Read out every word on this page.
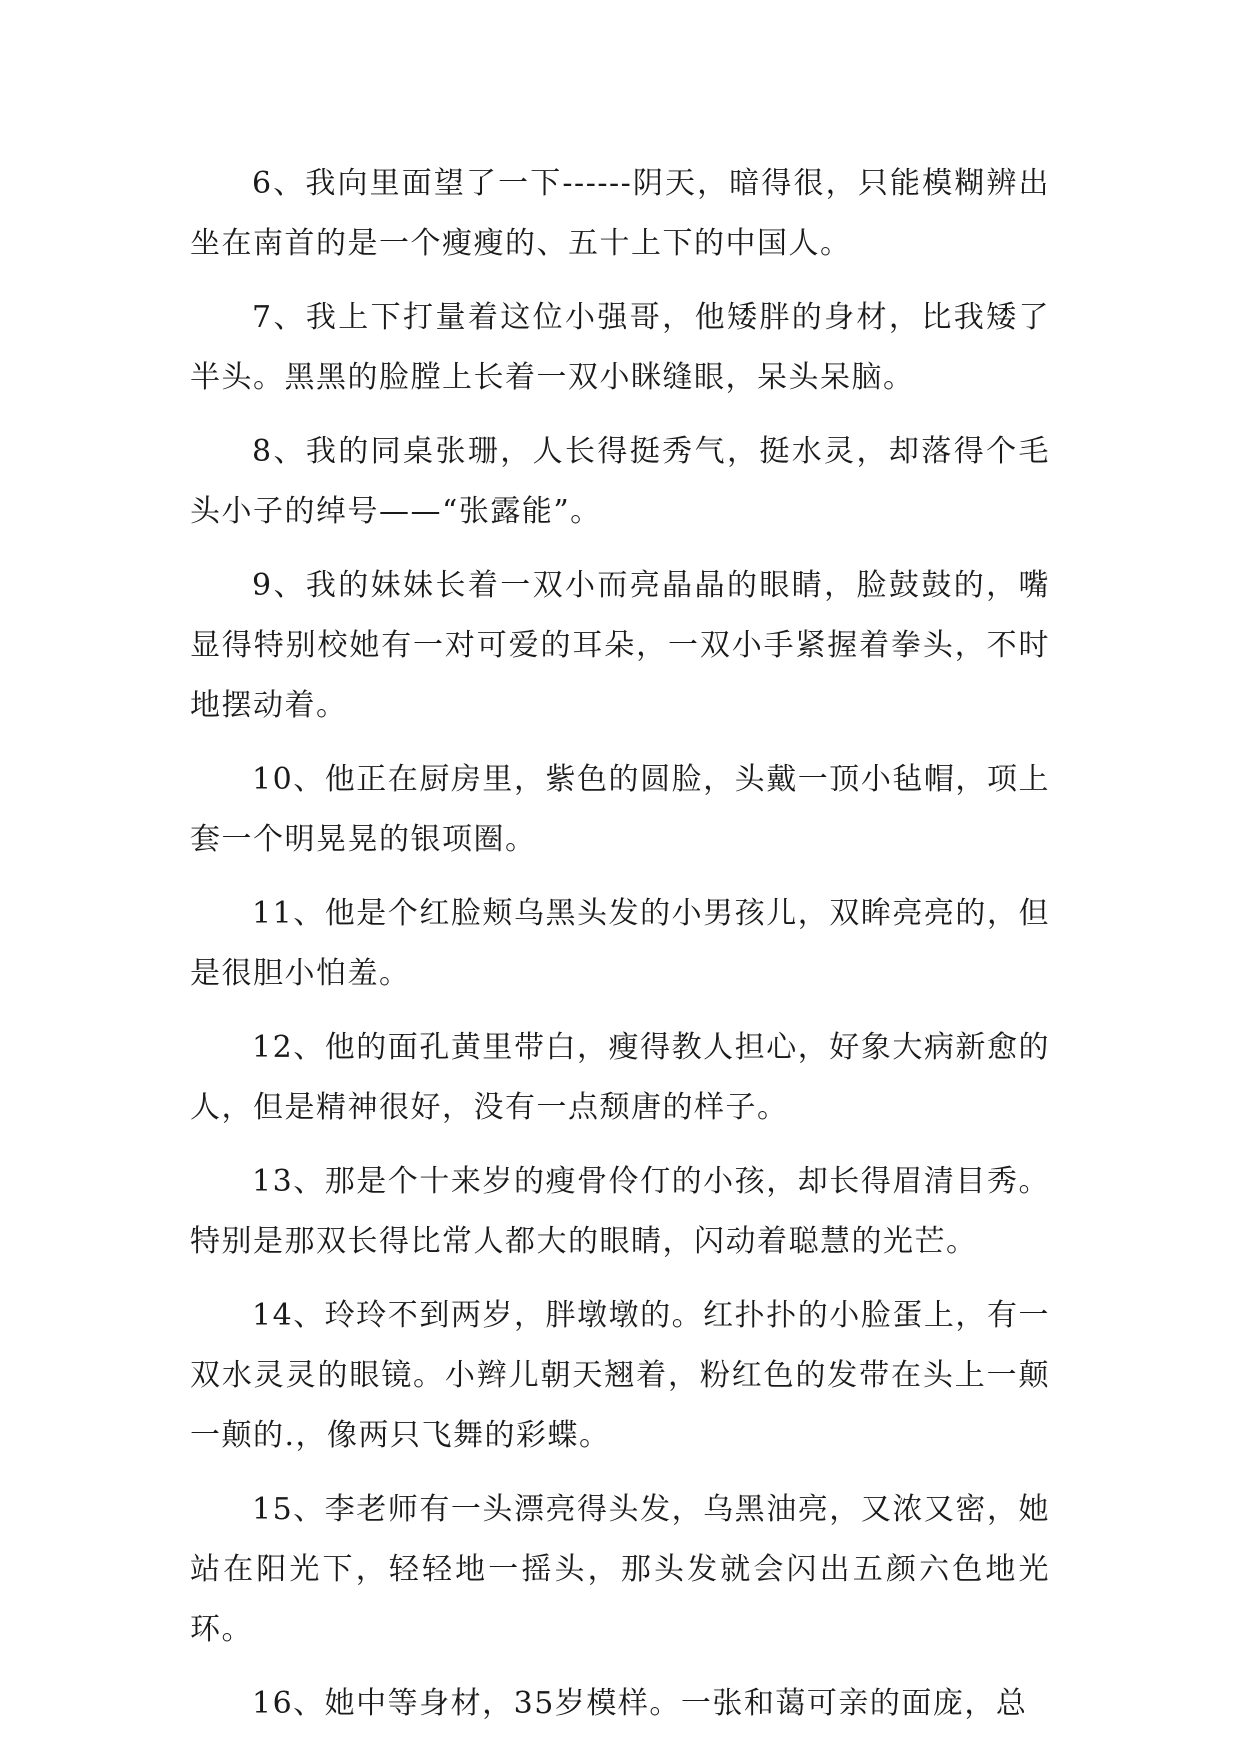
6、我向里面望了一下------阴天，暗得很，只能模糊辨出坐在南首的是一个瘦瘦的、五十上下的中国人。

7、我上下打量着这位小强哥，他矮胖的身材，比我矮了半头。黑黑的脸膛上长着一双小眯缝眼，呆头呆脑。

8、我的同桌张珊，人长得挺秀气，挺水灵，却落得个毛头小子的绰号——“张露能”。

9、我的妹妹长着一双小而亮晶晶的眼睛，脸鼓鼓的，嘴显得特别校她有一对可爱的耳朵，一双小手紧握着拳头，不时地摆动着。

10、他正在厨房里，紫色的圆脸，头戴一顶小毡帽，项上套一个明晃晃的银项圈。

11、他是个红脸颊乌黑头发的小男孩儿，双眸亮亮的，但是很胆小怕羞。

12、他的面孔黄里带白，瘦得教人担心，好象大病新愈的人，但是精神很好，没有一点颓唐的样子。

13、那是个十来岁的瘦骨伶仃的小孩，却长得眉清目秀。特别是那双长得比常人都大的眼睛，闪动着聪慧的光芒。

14、玲玲不到两岁，胖墩墩的。红扑扑的小脸蛋上，有一双水灵灵的眼镜。小辫儿朝天翘着，粉红色的发带在头上一颠一颠的.，像两只飞舞的彩蝶。

15、李老师有一头漂亮得头发，乌黑油亮，又浓又密，她站在阳光下，轻轻地一摇头，那头发就会闪出五颜六色地光环。

16、她中等身材，35岁模样。一张和蔼可亲的面庞，总
